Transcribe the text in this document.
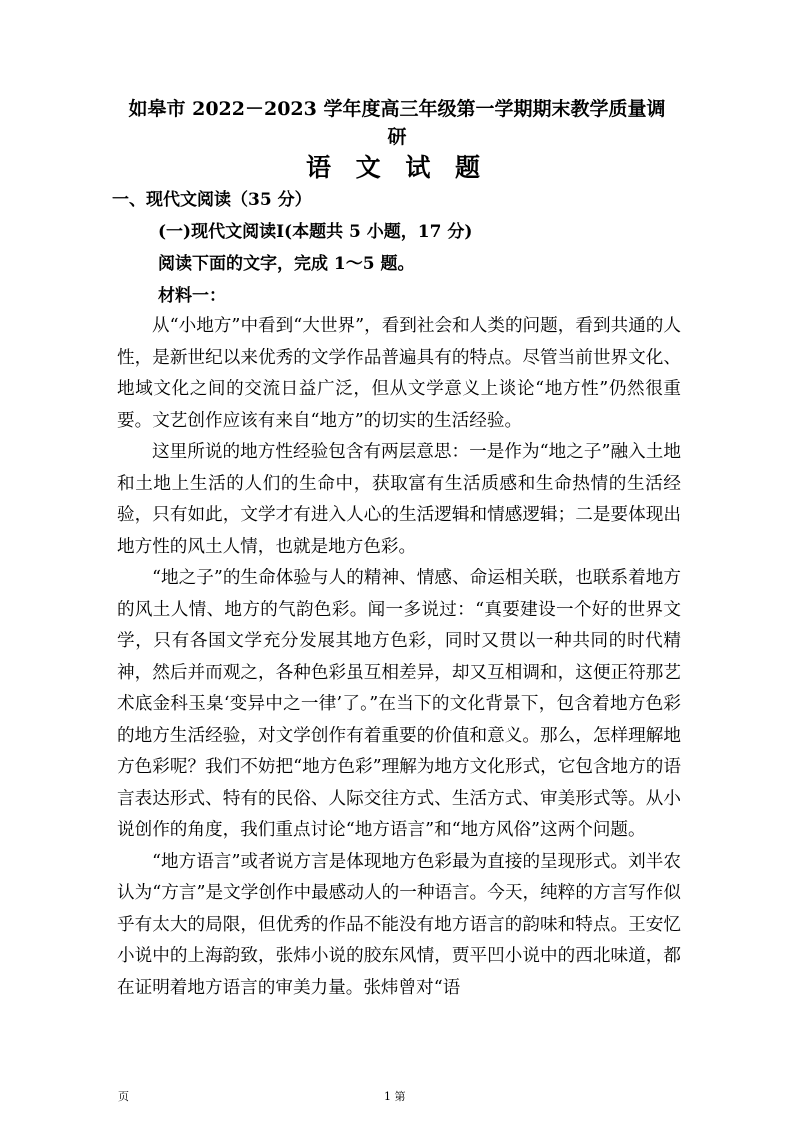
如皋市 2022－2023 学年度高三年级第一学期期末教学质量调
研
语 文 试 题
一、现代文阅读（35 分）
(一)现代文阅读Ⅰ(本题共 5 小题，17 分)
阅读下面的文字，完成 1～5 题。
材料一：

从“小地方”中看到“大世界”，看到社会和人类的问题，看到共通的人性，是新世纪以来优秀的文学作品普遍具有的特点。尽管当前世界文化、地域文化之间的交流日益广泛，但从文学意义上谈论“地方性”仍然很重要。文艺创作应该有来自“地方”的切实的生活经验。

这里所说的地方性经验包含有两层意思：一是作为“地之子”融入土地和土地上生活的人们的生命中，获取富有生活质感和生命热情的生活经验，只有如此，文学才有进入人心的生活逻辑和情感逻辑；二是要体现出地方性的风土人情，也就是地方色彩。

“地之子”的生命体验与人的精神、情感、命运相关联，也联系着地方的风土人情、地方的气韵色彩。闻一多说过：“真要建设一个好的世界文学，只有各国文学充分发展其地方色彩，同时又贯以一种共同的时代精神，然后并而观之，各种色彩虽互相差异，却又互相调和，这便正符那艺术底金科玉臬‘变异中之一律’了。”在当下的文化背景下，包含着地方色彩的地方生活经验，对文学创作有着重要的价值和意义。那么，怎样理解地方色彩呢？我们不妨把“地方色彩”理解为地方文化形式，它包含地方的语言表达形式、特有的民俗、人际交往方式、生活方式、审美形式等。从小说创作的角度，我们重点讨论“地方语言”和“地方风俗”这两个问题。

“地方语言”或者说方言是体现地方色彩最为直接的呈现形式。刘半农认为“方言”是文学创作中最感动人的一种语言。今天，纯粹的方言写作似乎有太大的局限，但优秀的作品不能没有地方语言的韵味和特点。王安忆小说中的上海韵致，张炜小说的胶东风情，贾平凹小说中的西北味道，都在证明着地方语言的审美力量。张炜曾对“语

页	1 第
